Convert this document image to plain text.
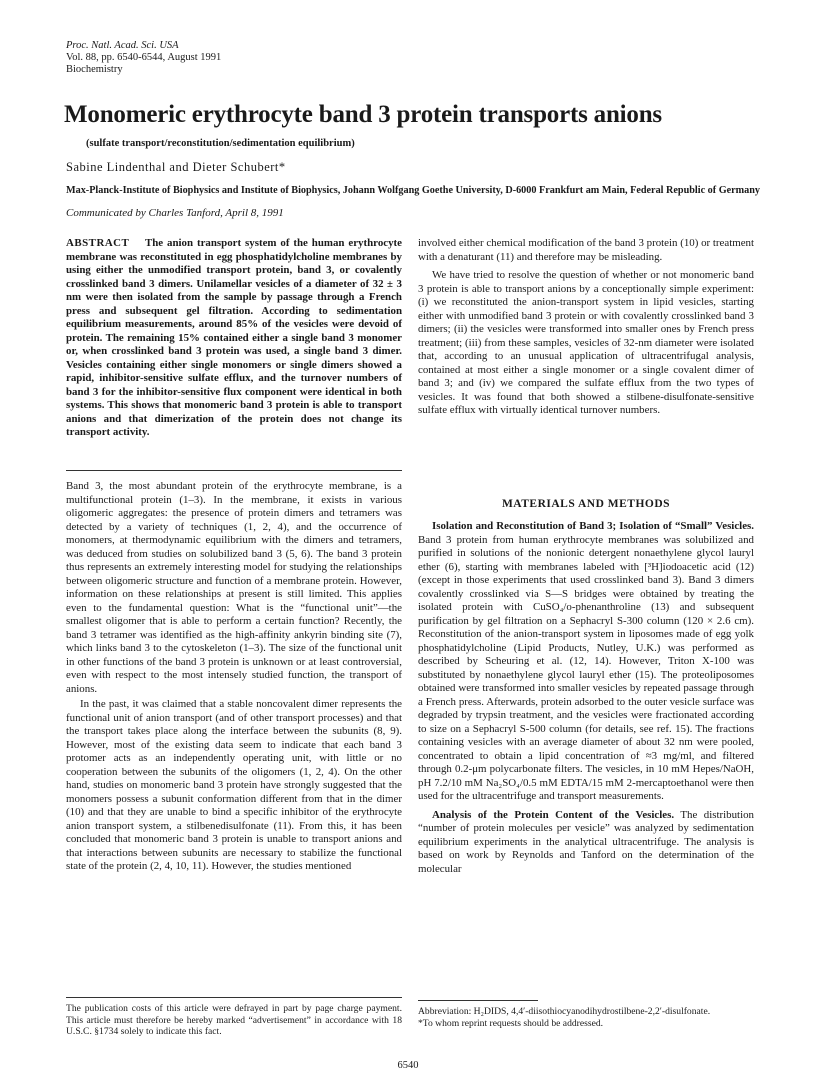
Proc. Natl. Acad. Sci. USA
Vol. 88, pp. 6540-6544, August 1991
Biochemistry
Monomeric erythrocyte band 3 protein transports anions
(sulfate transport/reconstitution/sedimentation equilibrium)
Sabine Lindenthal and Dieter Schubert*
Max-Planck-Institute of Biophysics and Institute of Biophysics, Johann Wolfgang Goethe University, D-6000 Frankfurt am Main, Federal Republic of Germany
Communicated by Charles Tanford, April 8, 1991
ABSTRACT The anion transport system of the human erythrocyte membrane was reconstituted in egg phosphatidylcholine membranes by using either the unmodified transport protein, band 3, or covalently crosslinked band 3 dimers. Unilamellar vesicles of a diameter of 32 ± 3 nm were then isolated from the sample by passage through a French press and subsequent gel filtration. According to sedimentation equilibrium measurements, around 85% of the vesicles were devoid of protein. The remaining 15% contained either a single band 3 monomer or, when crosslinked band 3 protein was used, a single band 3 dimer. Vesicles containing either single monomers or single dimers showed a rapid, inhibitor-sensitive sulfate efflux, and the turnover numbers of band 3 for the inhibitor-sensitive flux component were identical in both systems. This shows that monomeric band 3 protein is able to transport anions and that dimerization of the protein does not change its transport activity.

Band 3, the most abundant protein of the erythrocyte membrane, is a multifunctional protein (1–3). In the membrane, it exists in various oligomeric aggregates: the presence of protein dimers and tetramers was detected by a variety of techniques (1, 2, 4), and the occurrence of monomers, at thermodynamic equilibrium with the dimers and tetramers, was deduced from studies on solubilized band 3 (5, 6). The band 3 protein thus represents an extremely interesting model for studying the relationships between oligomeric structure and function of a membrane protein. However, information on these relationships at present is still limited. This applies even to the fundamental question: What is the “functional unit”—the smallest oligomer that is able to perform a certain function? Recently, the band 3 tetramer was identified as the high-affinity ankyrin binding site (7), which links band 3 to the cytoskeleton (1–3). The size of the functional unit in other functions of the band 3 protein is unknown or at least controversial, even with respect to the most intensely studied function, the transport of anions.

In the past, it was claimed that a stable noncovalent dimer represents the functional unit of anion transport (and of other transport processes) and that the transport takes place along the interface between the subunits (8, 9). However, most of the existing data seem to indicate that each band 3 protomer acts as an independently operating unit, with little or no cooperation between the subunits of the oligomers (1, 2, 4). On the other hand, studies on monomeric band 3 protein have strongly suggested that the monomers possess a subunit conformation different from that in the dimer (10) and that they are unable to bind a specific inhibitor of the erythrocyte anion transport system, a stilbenedisulfonate (11). From this, it has been concluded that monomeric band 3 protein is unable to transport anions and that interactions between subunits are necessary to stabilize the functional state of the protein (2, 4, 10, 11). However, the studies mentioned

involved either chemical modification of the band 3 protein (10) or treatment with a denaturant (11) and therefore may be misleading.

We have tried to resolve the question of whether or not monomeric band 3 protein is able to transport anions by a conceptionally simple experiment: (i) we reconstituted the anion-transport system in lipid vesicles, starting either with unmodified band 3 protein or with covalently crosslinked band 3 dimers; (ii) the vesicles were transformed into smaller ones by French press treatment; (iii) from these samples, vesicles of 32-nm diameter were isolated that, according to an unusual application of ultracentrifugal analysis, contained at most either a single monomer or a single covalent dimer of band 3; and (iv) we compared the sulfate efflux from the two types of vesicles. It was found that both showed a stilbene-disulfonate-sensitive sulfate efflux with virtually identical turnover numbers.

MATERIALS AND METHODS

Isolation and Reconstitution of Band 3; Isolation of “Small” Vesicles. Band 3 protein from human erythrocyte membranes was solubilized and purified in solutions of the nonionic detergent nonaethylene glycol lauryl ether (6), starting with membranes labeled with [³H]iodoacetic acid (12) (except in those experiments that used crosslinked band 3). Band 3 dimers covalently crosslinked via S—S bridges were obtained by treating the isolated protein with CuSO₄/o-phenanthroline (13) and subsequent purification by gel filtration on a Sephacryl S-300 column (120 × 2.6 cm). Reconstitution of the anion-transport system in liposomes made of egg yolk phosphatidylcholine (Lipid Products, Nutley, U.K.) was performed as described by Scheuring et al. (12, 14). However, Triton X-100 was substituted by nonaethylene glycol lauryl ether (15). The proteoliposomes obtained were transformed into smaller vesicles by repeated passage through a French press. Afterwards, protein adsorbed to the outer vesicle surface was degraded by trypsin treatment, and the vesicles were fractionated according to size on a Sephacryl S-500 column (for details, see ref. 15). The fractions containing vesicles with an average diameter of about 32 nm were pooled, concentrated to obtain a lipid concentration of ≈3 mg/ml, and filtered through 0.2-μm polycarbonate filters. The vesicles, in 10 mM Hepes/NaOH, pH 7.2/10 mM Na₂SO₄/0.5 mM EDTA/15 mM 2-mercaptoethanol were then used for the ultracentrifuge and transport measurements.

Analysis of the Protein Content of the Vesicles. The distribution “number of protein molecules per vesicle” was analyzed by sedimentation equilibrium experiments in the analytical ultracentrifuge. The analysis is based on work by Reynolds and Tanford on the determination of the molecular

The publication costs of this article were defrayed in part by page charge payment. This article must therefore be hereby marked “advertisement” in accordance with 18 U.S.C. §1734 solely to indicate this fact.
Abbreviation: H₂DIDS, 4,4′-diisothiocyanodihydrostilbene-2,2′-disulfonate.
*To whom reprint requests should be addressed.
6540
